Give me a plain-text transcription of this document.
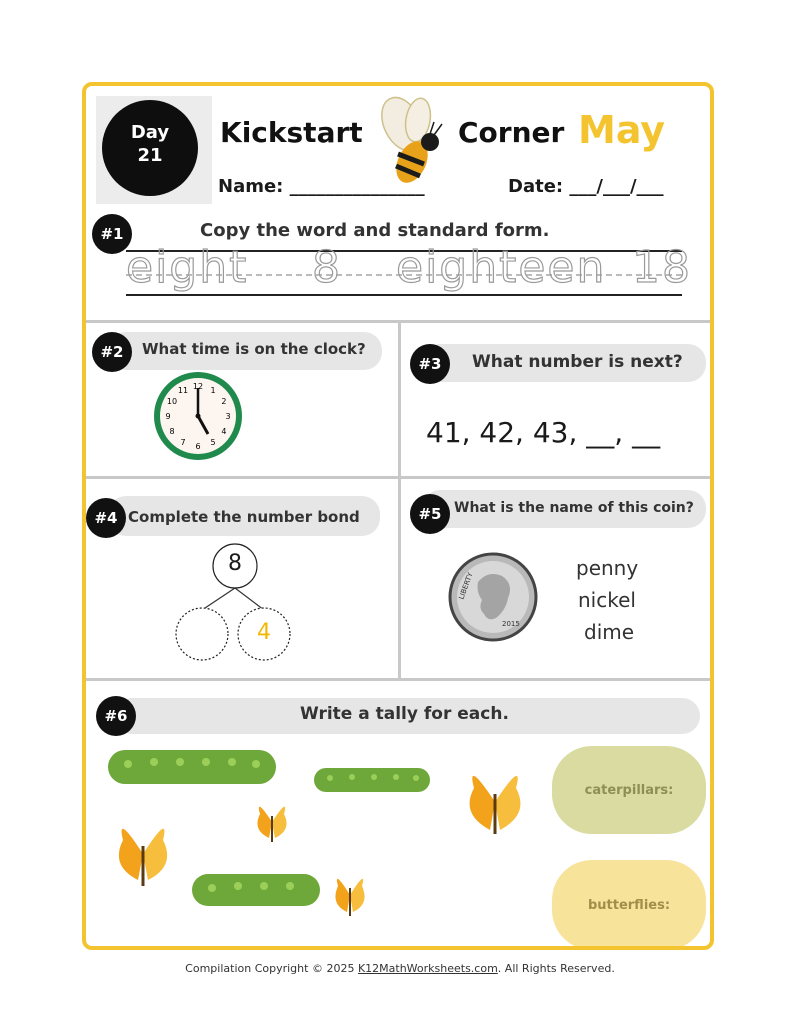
Day
21
Kickstart	Corner May
Name: _______________	Date: ___/___/___
#1	Copy the word and standard form.
eight 8 eighteen 18
#2	What time is on the clock?
12 1
2
3
4
5
6
7
8
9
10
11
#3	What number is next?
41, 42, 43, __, __
#4 Complete the number bond
8
4
#5 What is the name of this coin?
LIBERTY
2015
penny
nickel
dime
#6	Write a tally for each.
caterpillars:
butterflies:
Compilation Copyright © 2025 K12MathWorksheets.com. All Rights Reserved.
